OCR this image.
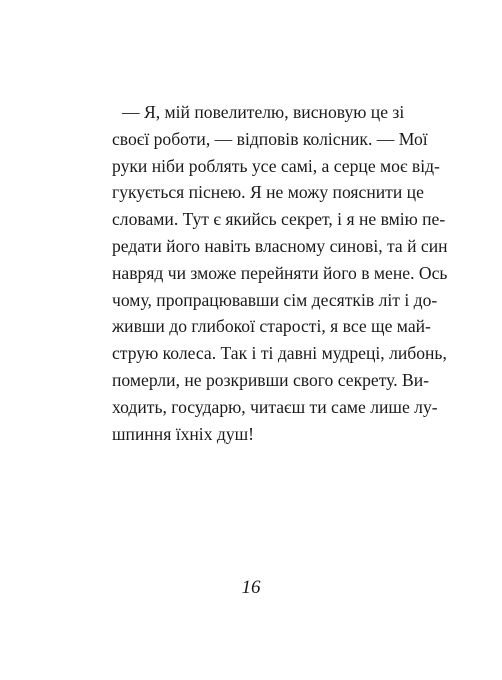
— Я, мій повелителю, висновую це зі
своєї роботи, — відповів колісник. — Мої
руки ніби роблять усе самі, а серце моє від-
гукується піснею. Я не можу пояснити це
словами. Тут є якийсь секрет, і я не вмію пе-
редати його навіть власному синові, та й син
навряд чи зможе перейняти його в мене. Ось
чому, пропрацювавши сім десятків літ і до-
живши до глибокої старості, я все ще май-
струю колеса. Так і ті давні мудреці, либонь,
померли, не розкривши свого секрету. Ви-
ходить, государю, читаєш ти саме лише лу-
шпиння їхніх душ!
16
